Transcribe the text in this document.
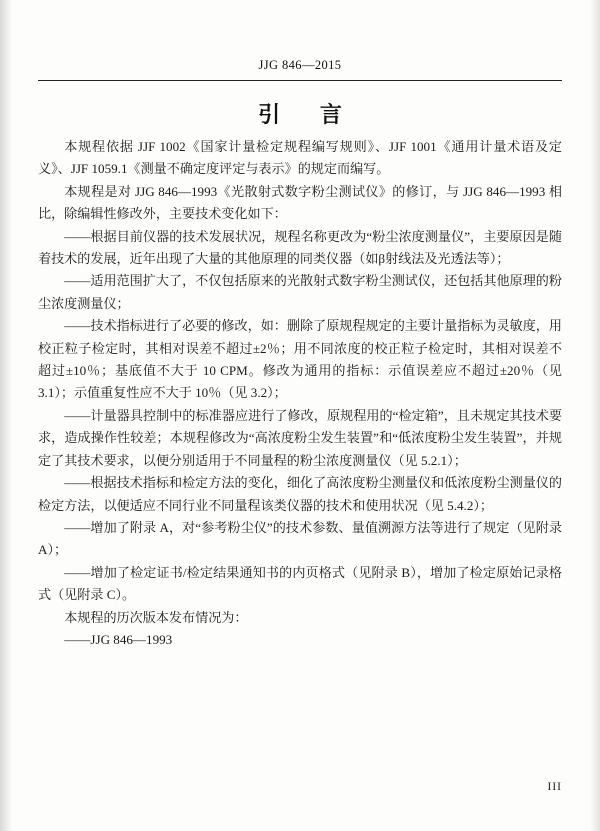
JJG 846—2015
引 言

本规程依据 JJF 1002《国家计量检定规程编写规则》、JJF 1001《通用计量术语及定义》、JJF 1059.1《测量不确定度评定与表示》的规定而编写。

本规程是对 JJG 846—1993《光散射式数字粉尘测试仪》的修订，与 JJG 846—1993 相比，除编辑性修改外，主要技术变化如下：

——根据目前仪器的技术发展状况，规程名称更改为“粉尘浓度测量仪”，主要原因是随着技术的发展，近年出现了大量的其他原理的同类仪器（如β射线法及光透法等）；

——适用范围扩大了，不仅包括原来的光散射式数字粉尘测试仪，还包括其他原理的粉尘浓度测量仪；

——技术指标进行了必要的修改，如：删除了原规程规定的主要计量指标为灵敏度，用校正粒子检定时，其相对误差不超过±2％；用不同浓度的校正粒子检定时，其相对误差不超过±10％；基底值不大于 10 CPM。修改为通用的指标：示值误差应不超过±20％（见 3.1）；示值重复性应不大于 10％（见 3.2）；

——计量器具控制中的标准器应进行了修改，原规程用的“检定箱”，且未规定其技术要求，造成操作性较差；本规程修改为“高浓度粉尘发生装置”和“低浓度粉尘发生装置”，并规定了其技术要求，以便分别适用于不同量程的粉尘浓度测量仪（见 5.2.1）；

——根据技术指标和检定方法的变化，细化了高浓度粉尘测量仪和低浓度粉尘测量仪的检定方法，以便适应不同行业不同量程该类仪器的技术和使用状况（见 5.4.2）；

——增加了附录 A，对“参考粉尘仪”的技术参数、量值溯源方法等进行了规定（见附录 A）；

——增加了检定证书/检定结果通知书的内页格式（见附录 B），增加了检定原始记录格式（见附录 C）。

本规程的历次版本发布情况为：

——JJG 846—1993

III
